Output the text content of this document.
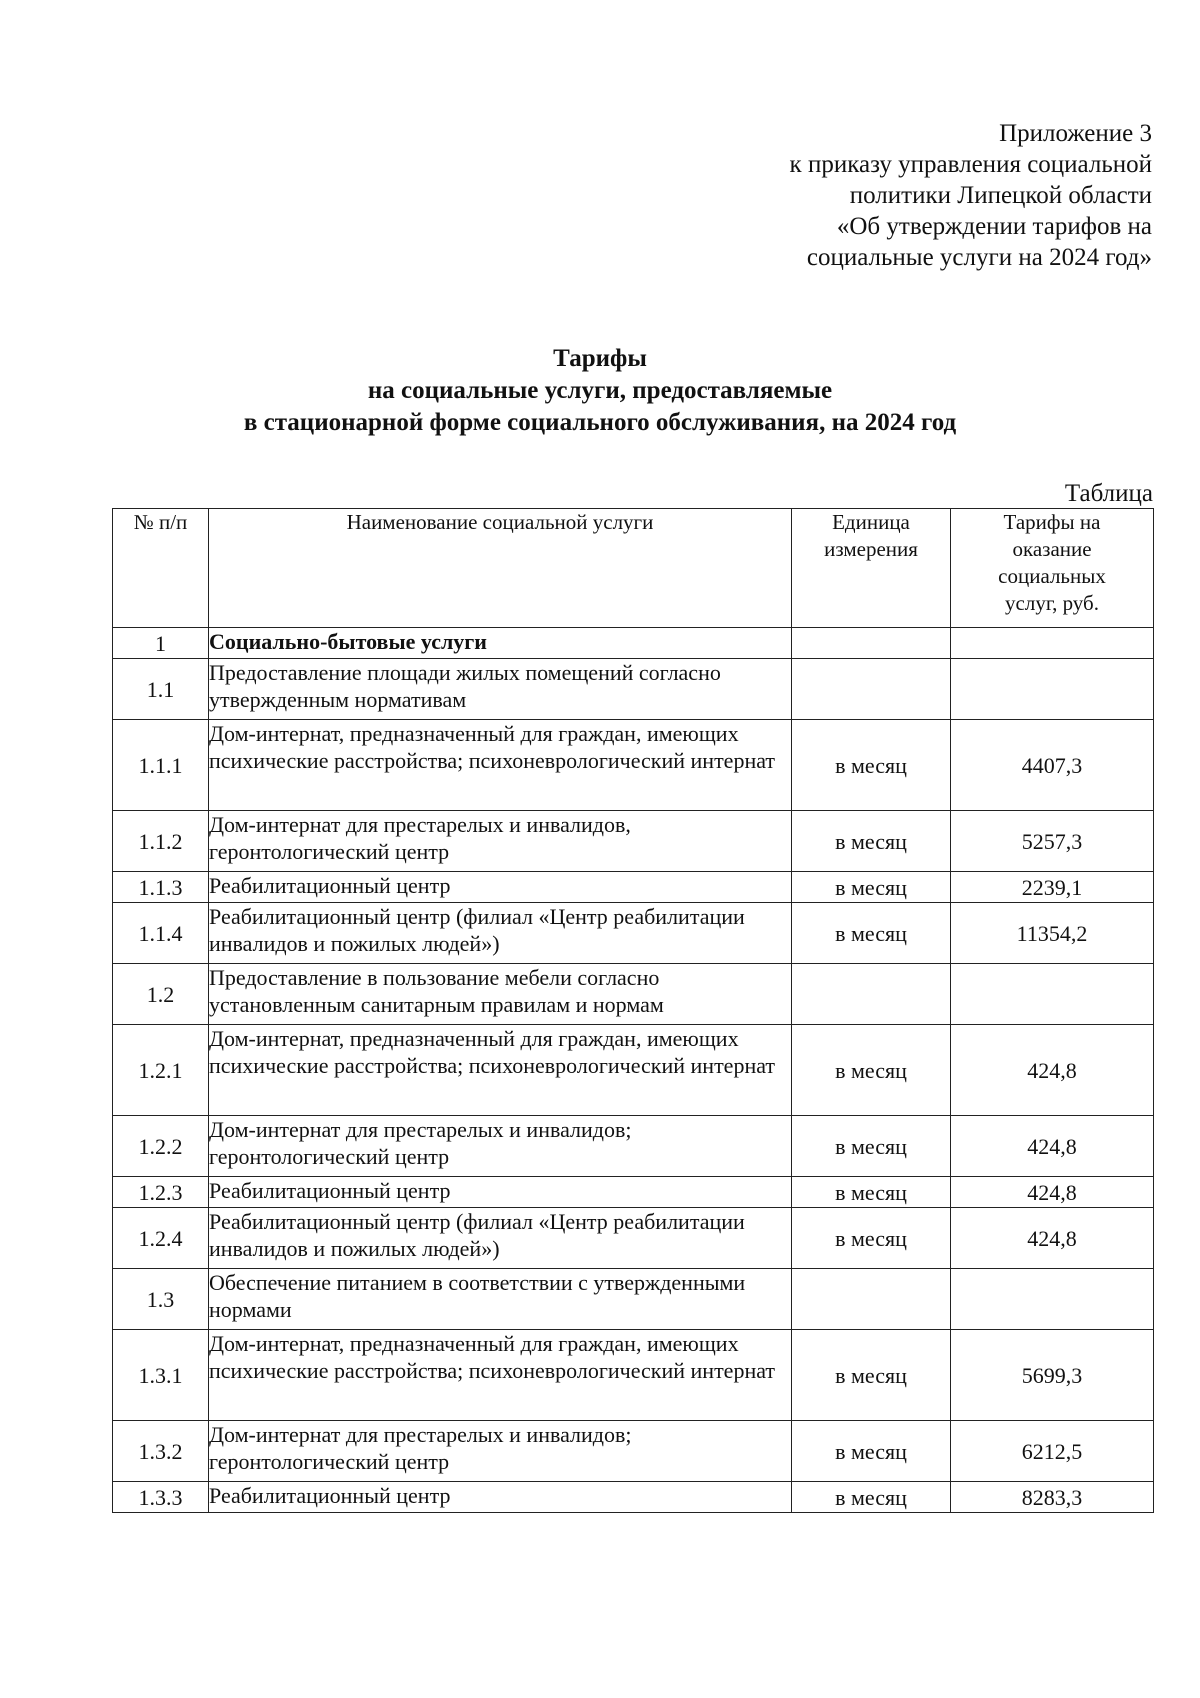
Приложение 3
к приказу управления социальной
политики Липецкой области
«Об утверждении тарифов на
социальные услуги на 2024 год»
Тарифы
на социальные услуги, предоставляемые
в стационарной форме социального обслуживания, на 2024 год
Таблица
№ п/п	Наименование социальной услуги	Единица измерения	Тарифы на оказание социальных услуг, руб.
1	Социально-бытовые услуги		
1.1	Предоставление площади жилых помещений согласно утвержденным нормативам		
1.1.1	Дом-интернат, предназначенный для граждан, имеющих психические расстройства; психоневрологический интернат	в месяц	4407,3
1.1.2	Дом-интернат для престарелых и инвалидов, геронтологический центр	в месяц	5257,3
1.1.3	Реабилитационный центр	в месяц	2239,1
1.1.4	Реабилитационный центр (филиал «Центр реабилитации инвалидов и пожилых людей»)	в месяц	11354,2
1.2	Предоставление в пользование мебели согласно установленным санитарным правилам и нормам		
1.2.1	Дом-интернат, предназначенный для граждан, имеющих психические расстройства; психоневрологический интернат	в месяц	424,8
1.2.2	Дом-интернат для престарелых и инвалидов; геронтологический центр	в месяц	424,8
1.2.3	Реабилитационный центр	в месяц	424,8
1.2.4	Реабилитационный центр (филиал «Центр реабилитации инвалидов и пожилых людей»)	в месяц	424,8
1.3	Обеспечение питанием в соответствии с утвержденными нормами		
1.3.1	Дом-интернат, предназначенный для граждан, имеющих психические расстройства; психоневрологический интернат	в месяц	5699,3
1.3.2	Дом-интернат для престарелых и инвалидов; геронтологический центр	в месяц	6212,5
1.3.3	Реабилитационный центр	в месяц	8283,3
